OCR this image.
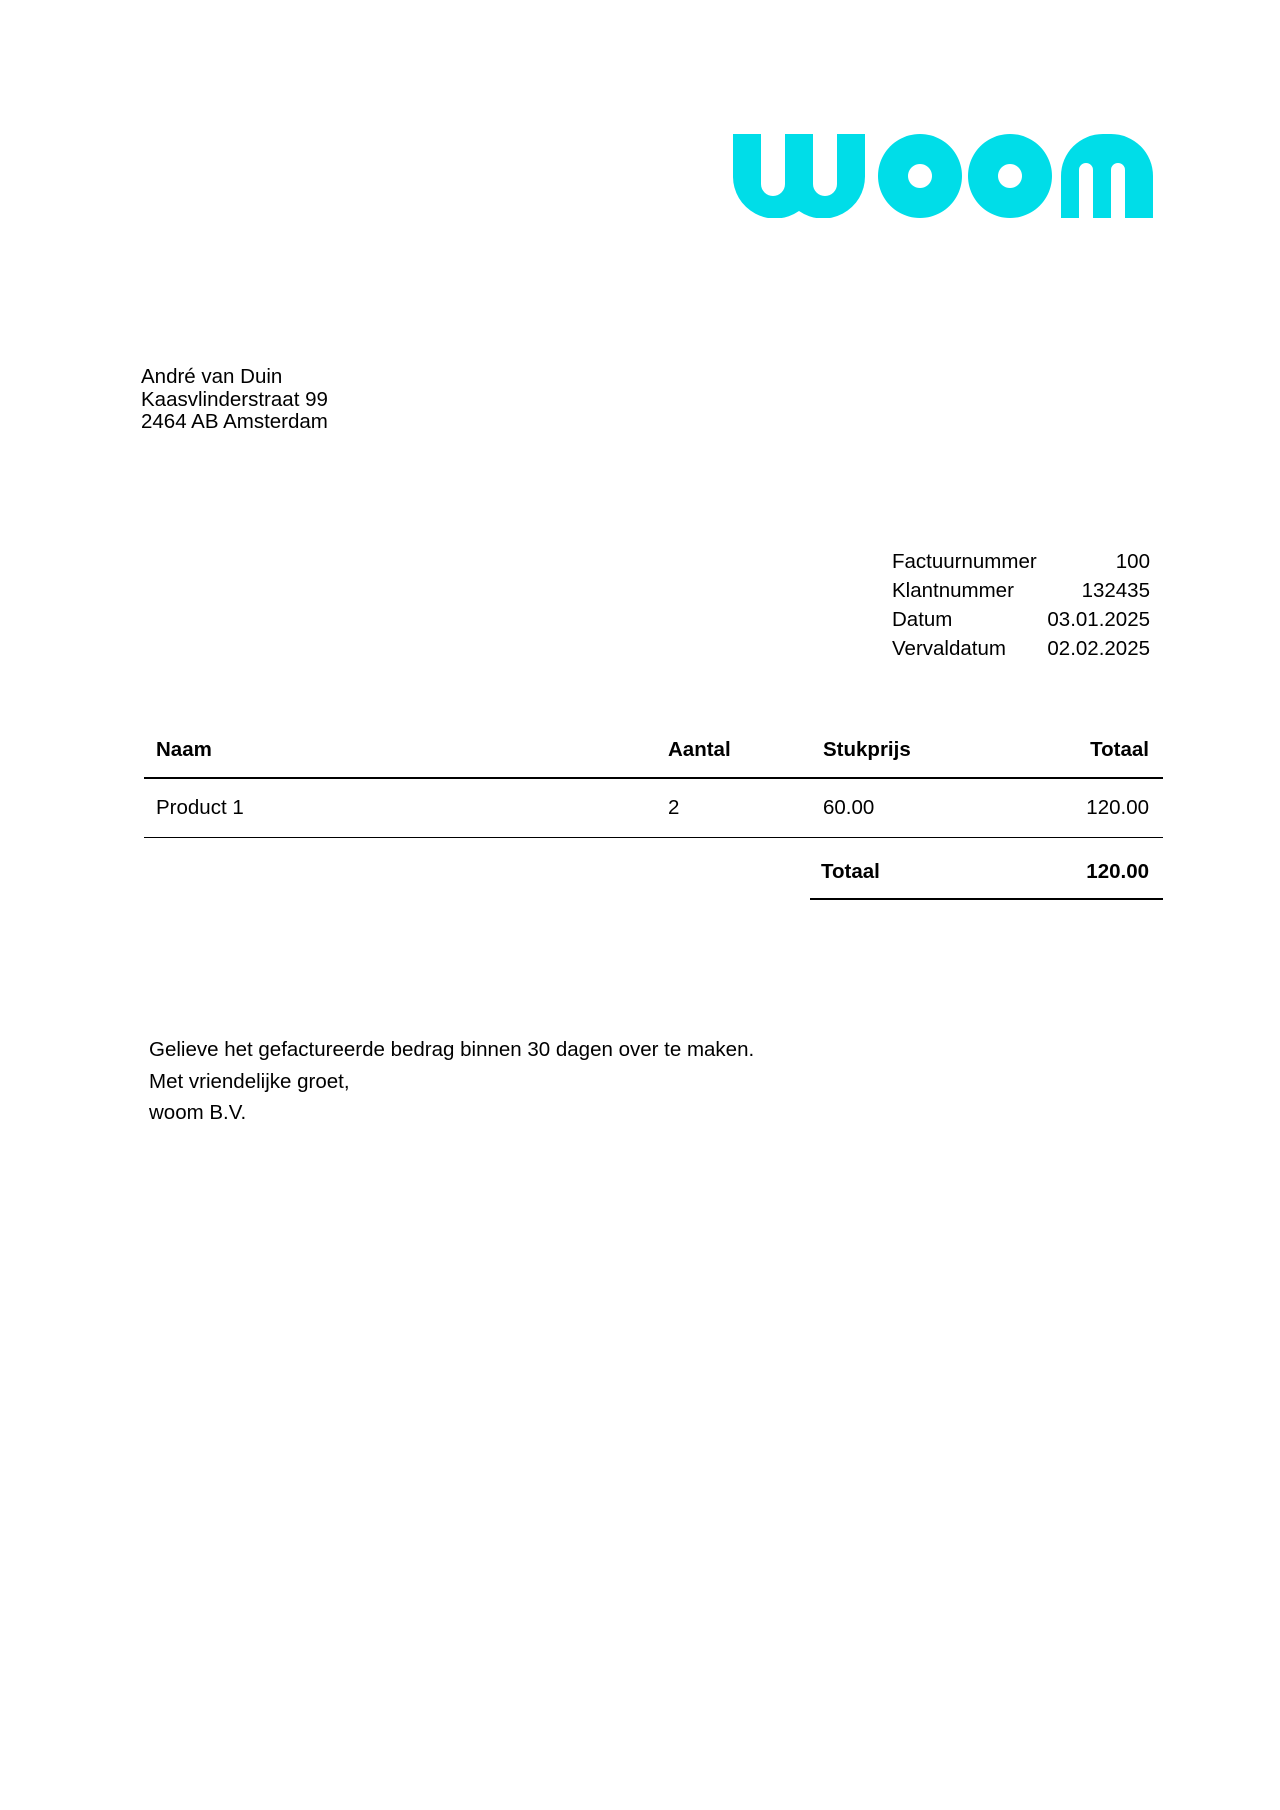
André van Duin
Kaasvlinderstraat 99
2464 AB Amsterdam
Factuurnummer	100
Klantnummer	132435
Datum	03.01.2025
Vervaldatum 02.02.2025
Naam	Aantal	Stukprijs	Totaal
Product 1	2	60.00	120.00
Totaal	120.00
Gelieve het gefactureerde bedrag binnen 30 dagen over te maken.
Met vriendelijke groet,
woom B.V.
